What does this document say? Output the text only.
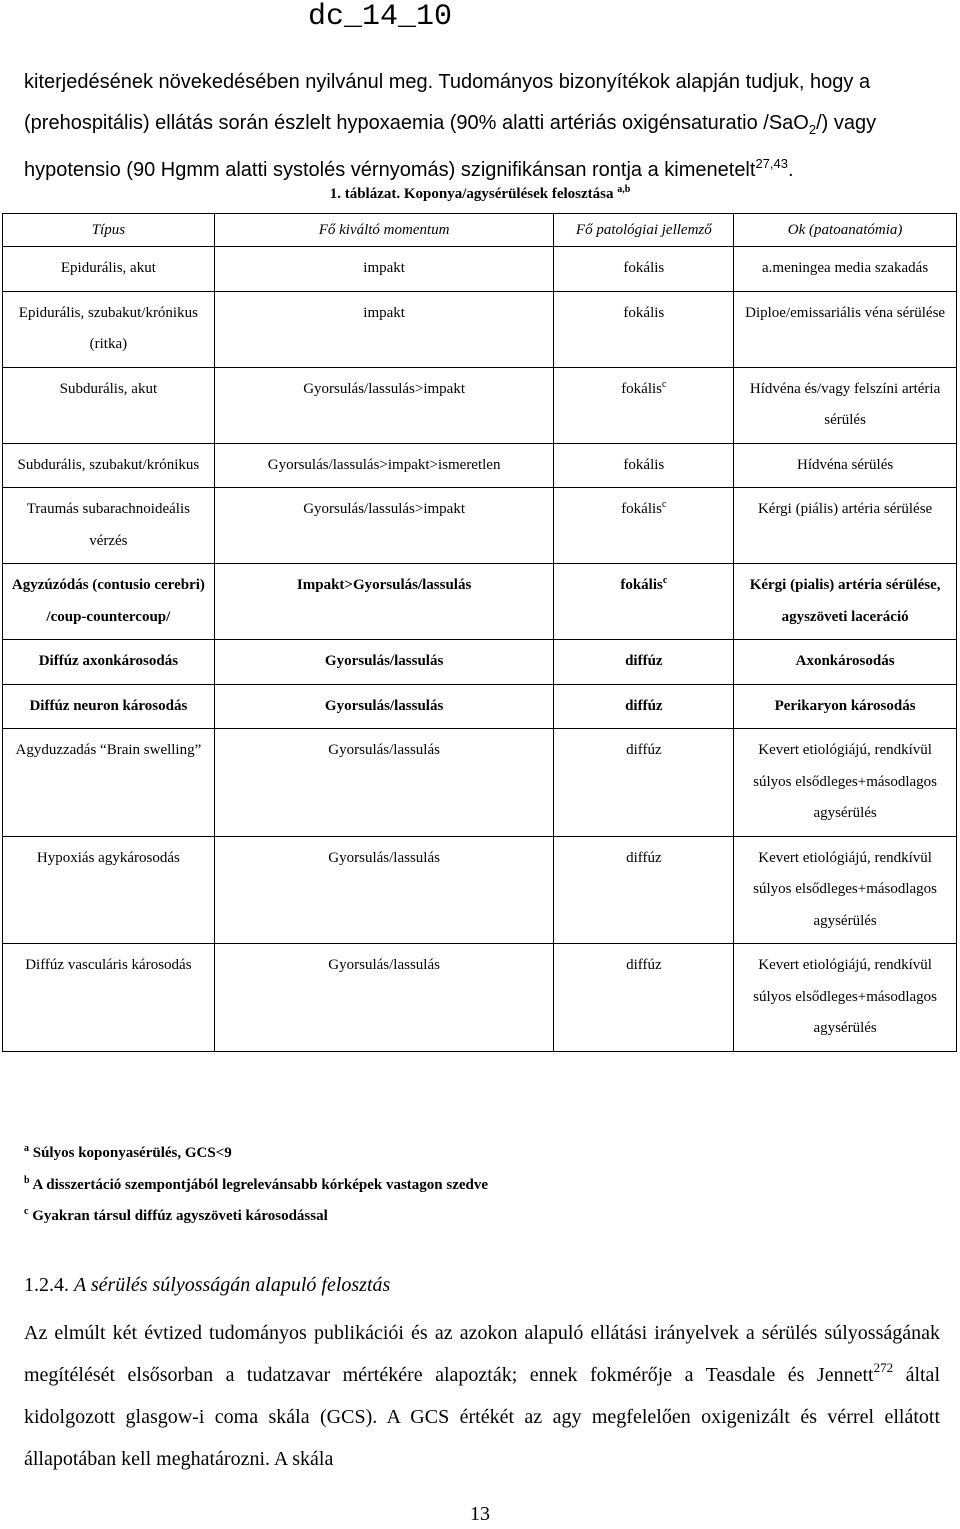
dc_14_10
kiterjedésének növekedésében nyilvánul meg. Tudományos bizonyítékok alapján tudjuk, hogy a (prehospitális) ellátás során észlelt hypoxaemia (90% alatti artériás oxigénsaturatio /SaO$_2$/) vagy hypotensio (90 Hgmm alatti systolés vérnyomás) szignifikánsan rontja a kimenetelt$^{27,43}$.
1. táblázat. Koponya/agysérülések felosztása $^{a,b}$
Típus	Fő kiváltó momentum	Fő patológiai jellemző	Ok (patoanatómia)
Epidurális, akut	impakt	fokális	a.meningea media szakadás
Epidurális, szubakut/krónikus (ritka)	impakt	fokális	Diploe/emissariális véna sérülése
Subdurális, akut	Gyorsulás/lassulás>impakt	fokális$^c$	Hídvéna és/vagy felszíni artéria sérülés
Subdurális, szubakut/krónikus	Gyorsulás/lassulás>impakt>ismeretlen	fokális	Hídvéna sérülés
Traumás subarachnoideális vérzés	Gyorsulás/lassulás>impakt	fokális$^c$	Kérgi (piális) artéria sérülése
Agyzúzódás (contusio cerebri) /coup-countercoup/	Impakt>Gyorsulás/lassulás	fokális$^c$	Kérgi (pialis) artéria sérülése, agyszöveti laceráció
Diffúz axonkárosodás	Gyorsulás/lassulás	diffúz	Axonkárosodás
Diffúz neuron károsodás	Gyorsulás/lassulás	diffúz	Perikaryon károsodás
Agyduzzadás “Brain swelling”	Gyorsulás/lassulás	diffúz	Kevert etiológiájú, rendkívül súlyos elsődleges+másodlagos agysérülés
Hypoxiás agykárosodás	Gyorsulás/lassulás	diffúz	Kevert etiológiájú, rendkívül súlyos elsődleges+másodlagos agysérülés
Diffúz vasculáris károsodás	Gyorsulás/lassulás	diffúz	Kevert etiológiájú, rendkívül súlyos elsődleges+másodlagos agysérülés
$^a$ Súlyos koponyasérülés, GCS<9
$^b$ A disszertáció szempontjából legrelevánsabb kórképek vastagon szedve
$^c$ Gyakran társul diffúz agyszöveti károsodással
1.2.4. A sérülés súlyosságán alapuló felosztás
Az elmúlt két évtized tudományos publikációi és az azokon alapuló ellátási irányelvek a sérülés súlyosságának megítélését elsősorban a tudatzavar mértékére alapozták; ennek fokmérője a Teasdale és Jennett$^{272}$ által kidolgozott glasgow-i coma skála (GCS). A GCS értékét az agy megfelelően oxigenizált és vérrel ellátott állapotában kell meghatározni. A skála
13
